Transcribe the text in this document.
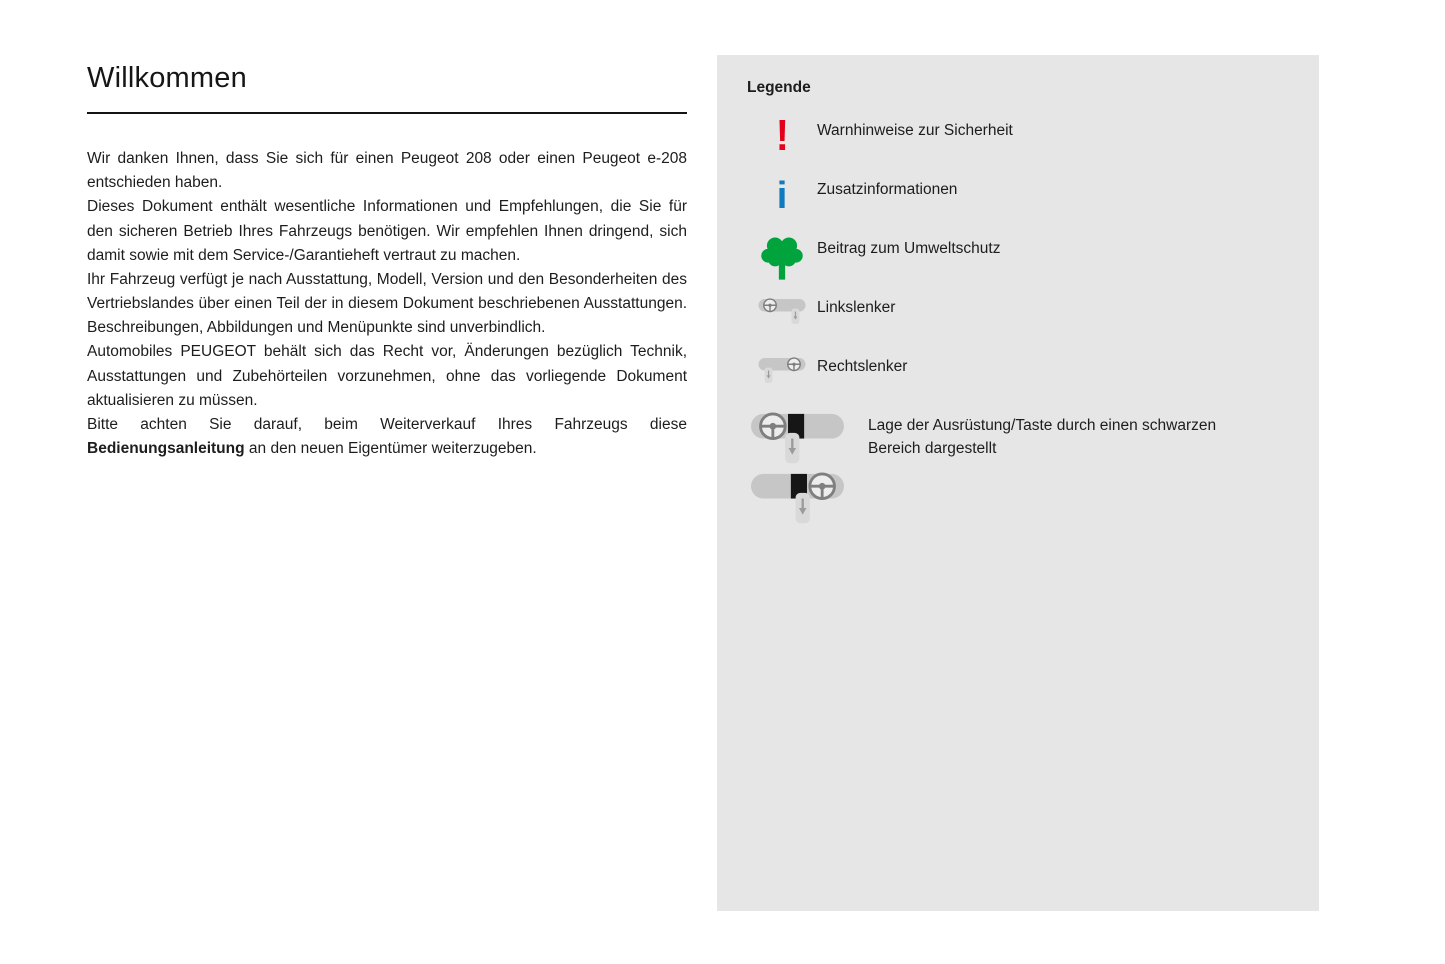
Willkommen

Wir danken Ihnen, dass Sie sich für einen Peugeot 208 oder einen Peugeot e-208 entschieden haben.

Dieses Dokument enthält wesentliche Informationen und Empfehlungen, die Sie für den sicheren Betrieb Ihres Fahrzeugs benötigen. Wir empfehlen Ihnen dringend, sich damit sowie mit dem Service-/Garantieheft vertraut zu machen.

Ihr Fahrzeug verfügt je nach Ausstattung, Modell, Version und den Besonderheiten des Vertriebslandes über einen Teil der in diesem Dokument beschriebenen Ausstattungen. Beschreibungen, Abbildungen und Menüpunkte sind unverbindlich.

Automobiles PEUGEOT behält sich das Recht vor, Änderungen bezüglich Technik, Ausstattungen und Zubehörteilen vorzunehmen, ohne das vorliegende Dokument aktualisieren zu müssen.

Bitte achten Sie darauf, beim Weiterverkauf Ihres Fahrzeugs diese Bedienungsanleitung an den neuen Eigentümer weiterzugeben.

Legende
! Warnhinweise zur Sicherheit
i Zusatzinformationen
Beitrag zum Umweltschutz
Linkslenker
Rechtslenker
Lage der Ausrüstung/Taste durch einen schwarzen Bereich dargestellt
